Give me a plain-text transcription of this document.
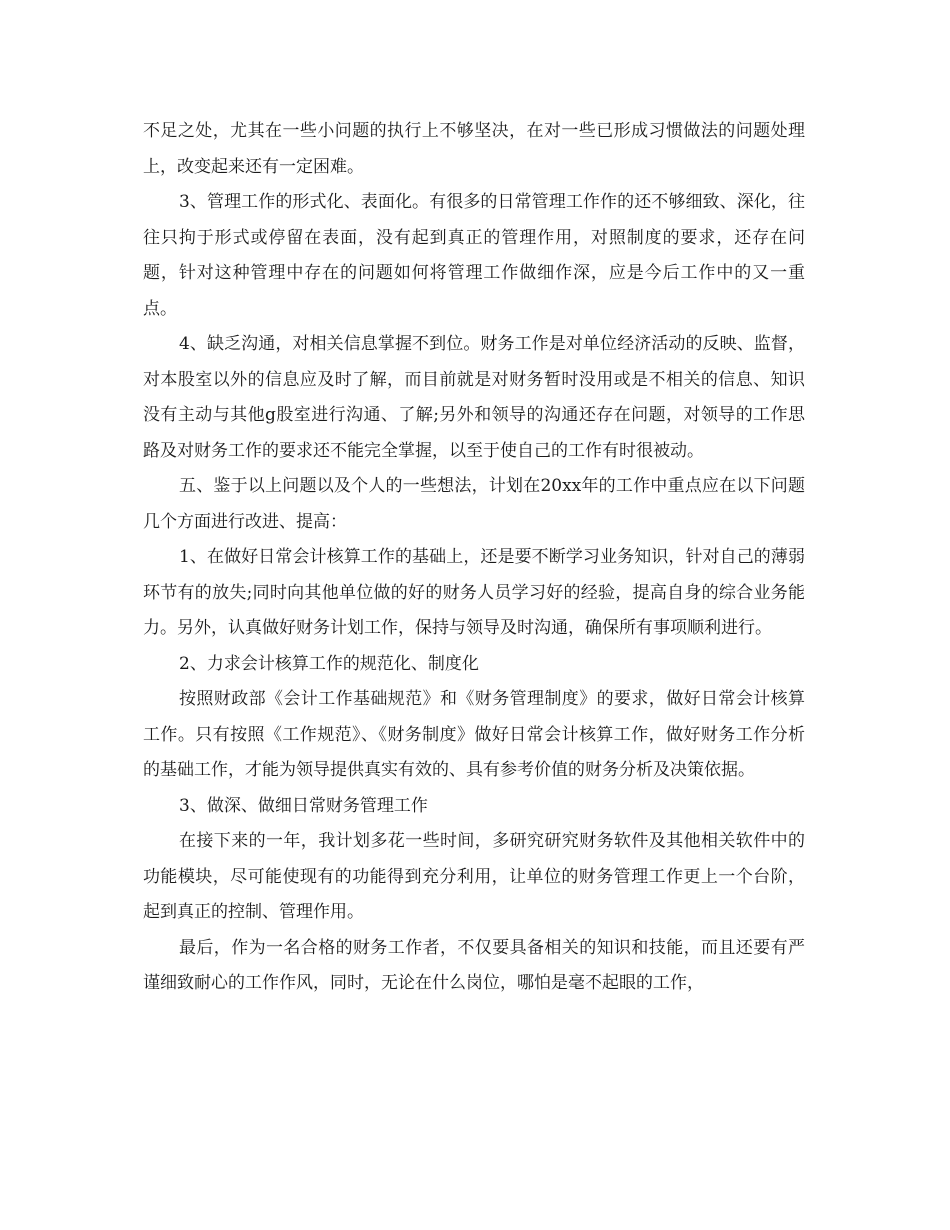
不足之处，尤其在一些小问题的执行上不够坚决，在对一些已形成习惯做法的问题处理上，改变起来还有一定困难。

3、管理工作的形式化、表面化。有很多的日常管理工作作的还不够细致、深化，往往只拘于形式或停留在表面，没有起到真正的管理作用，对照制度的要求，还存在问题，针对这种管理中存在的问题如何将管理工作做细作深，应是今后工作中的又一重点。

4、缺乏沟通，对相关信息掌握不到位。财务工作是对单位经济活动的反映、监督，对本股室以外的信息应及时了解，而目前就是对财务暂时没用或是不相关的信息、知识没有主动与其他g股室进行沟通、了解;另外和领导的沟通还存在问题，对领导的工作思路及对财务工作的要求还不能完全掌握，以至于使自己的工作有时很被动。

五、鉴于以上问题以及个人的一些想法，计划在20xx年的工作中重点应在以下问题几个方面进行改进、提高：

1、在做好日常会计核算工作的基础上，还是要不断学习业务知识，针对自己的薄弱环节有的放失;同时向其他单位做的好的财务人员学习好的经验，提高自身的综合业务能力。另外，认真做好财务计划工作，保持与领导及时沟通，确保所有事项顺利进行。

2、力求会计核算工作的规范化、制度化

按照财政部《会计工作基础规范》和《财务管理制度》的要求，做好日常会计核算工作。只有按照《工作规范》、《财务制度》做好日常会计核算工作，做好财务工作分析的基础工作，才能为领导提供真实有效的、具有参考价值的财务分析及决策依据。

3、做深、做细日常财务管理工作

在接下来的一年，我计划多花一些时间，多研究研究财务软件及其他相关软件中的功能模块，尽可能使现有的功能得到充分利用，让单位的财务管理工作更上一个台阶，起到真正的控制、管理作用。

最后，作为一名合格的财务工作者，不仅要具备相关的知识和技能，而且还要有严谨细致耐心的工作作风，同时，无论在什么岗位，哪怕是毫不起眼的工作，
